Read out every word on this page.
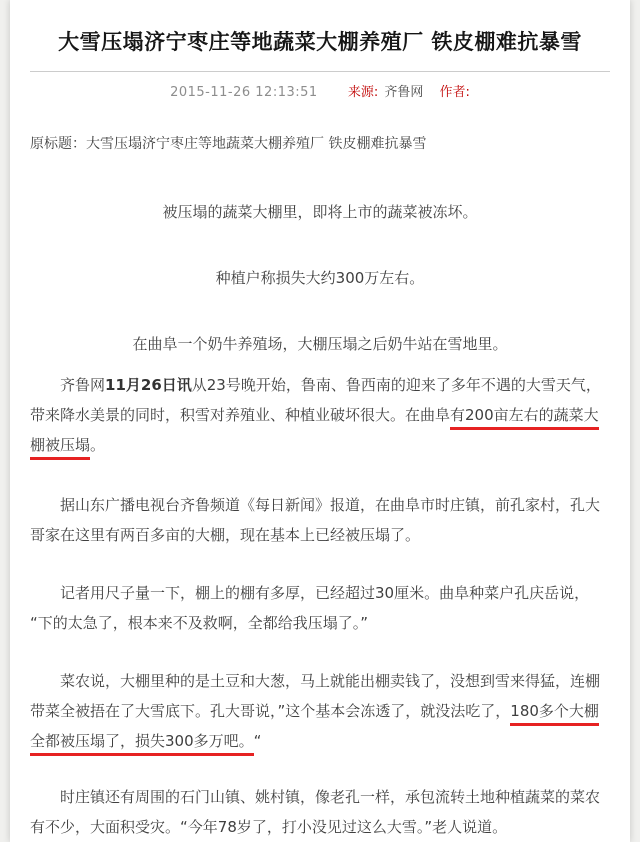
大雪压塌济宁枣庄等地蔬菜大棚养殖厂 铁皮棚难抗暴雪
2015-11-26 12:13:51 来源: 齐鲁网 作者:

原标题：大雪压塌济宁枣庄等地蔬菜大棚养殖厂 铁皮棚难抗暴雪

被压塌的蔬菜大棚里，即将上市的蔬菜被冻坏。

种植户称损失大约300万左右。

在曲阜一个奶牛养殖场，大棚压塌之后奶牛站在雪地里。

齐鲁网11月26日讯从23号晚开始，鲁南、鲁西南的迎来了多年不遇的大雪天气，带来降水美景的同时，积雪对养殖业、种植业破坏很大。在曲阜有200亩左右的蔬菜大棚被压塌。

据山东广播电视台齐鲁频道《每日新闻》报道，在曲阜市时庄镇，前孔家村，孔大哥家在这里有两百多亩的大棚，现在基本上已经被压塌了。

记者用尺子量一下，棚上的棚有多厚，已经超过30厘米。曲阜种菜户孔庆岳说，“下的太急了，根本来不及救啊，全都给我压塌了。”

菜农说，大棚里种的是土豆和大葱，马上就能出棚卖钱了，没想到雪来得猛，连棚带菜全被捂在了大雪底下。孔大哥说，”这个基本会冻透了，就没法吃了，180多个大棚全都被压塌了，损失300多万吧。“

时庄镇还有周围的石门山镇、姚村镇，像老孔一样，承包流转土地种植蔬菜的菜农有不少，大面积受灾。“今年78岁了，打小没见过这么大雪。”老人说道。
